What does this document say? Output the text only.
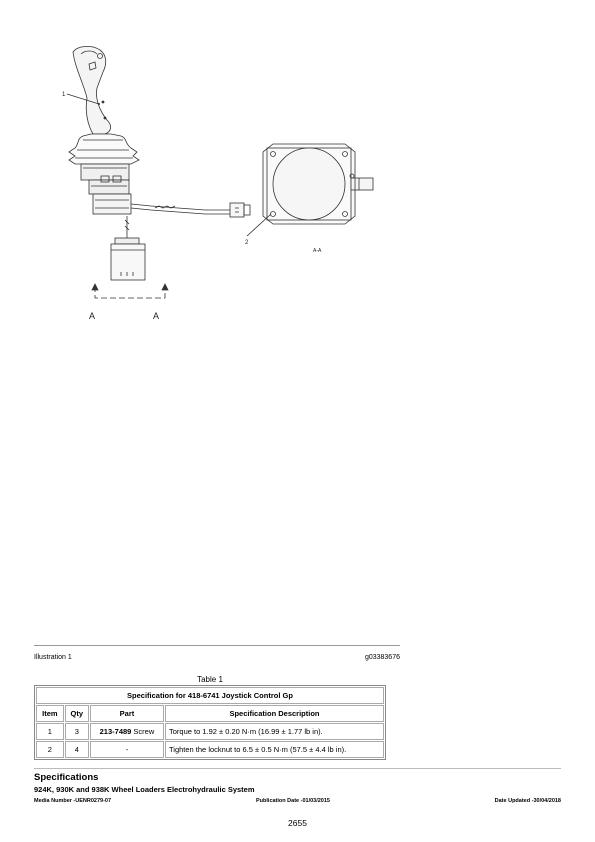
1
2
A	A
A-A
Illustration 1	g03383676
Table 1
Specification for 418-6741 Joystick Control Gp			
Item	Qty	Part	Specification Description
1	3	213-7489 Screw	Torque to 1.92 ± 0.20 N·m (16.99 ± 1.77 lb in).
2	4	-	Tighten the locknut to 6.5 ± 0.5 N·m (57.5 ± 4.4 lb in).
Specifications
924K, 930K and 938K Wheel Loaders Electrohydraulic System
Media Number -UENR0279-07	Publication Date -01/03/2015	Date Updated -30/04/2018
2655
